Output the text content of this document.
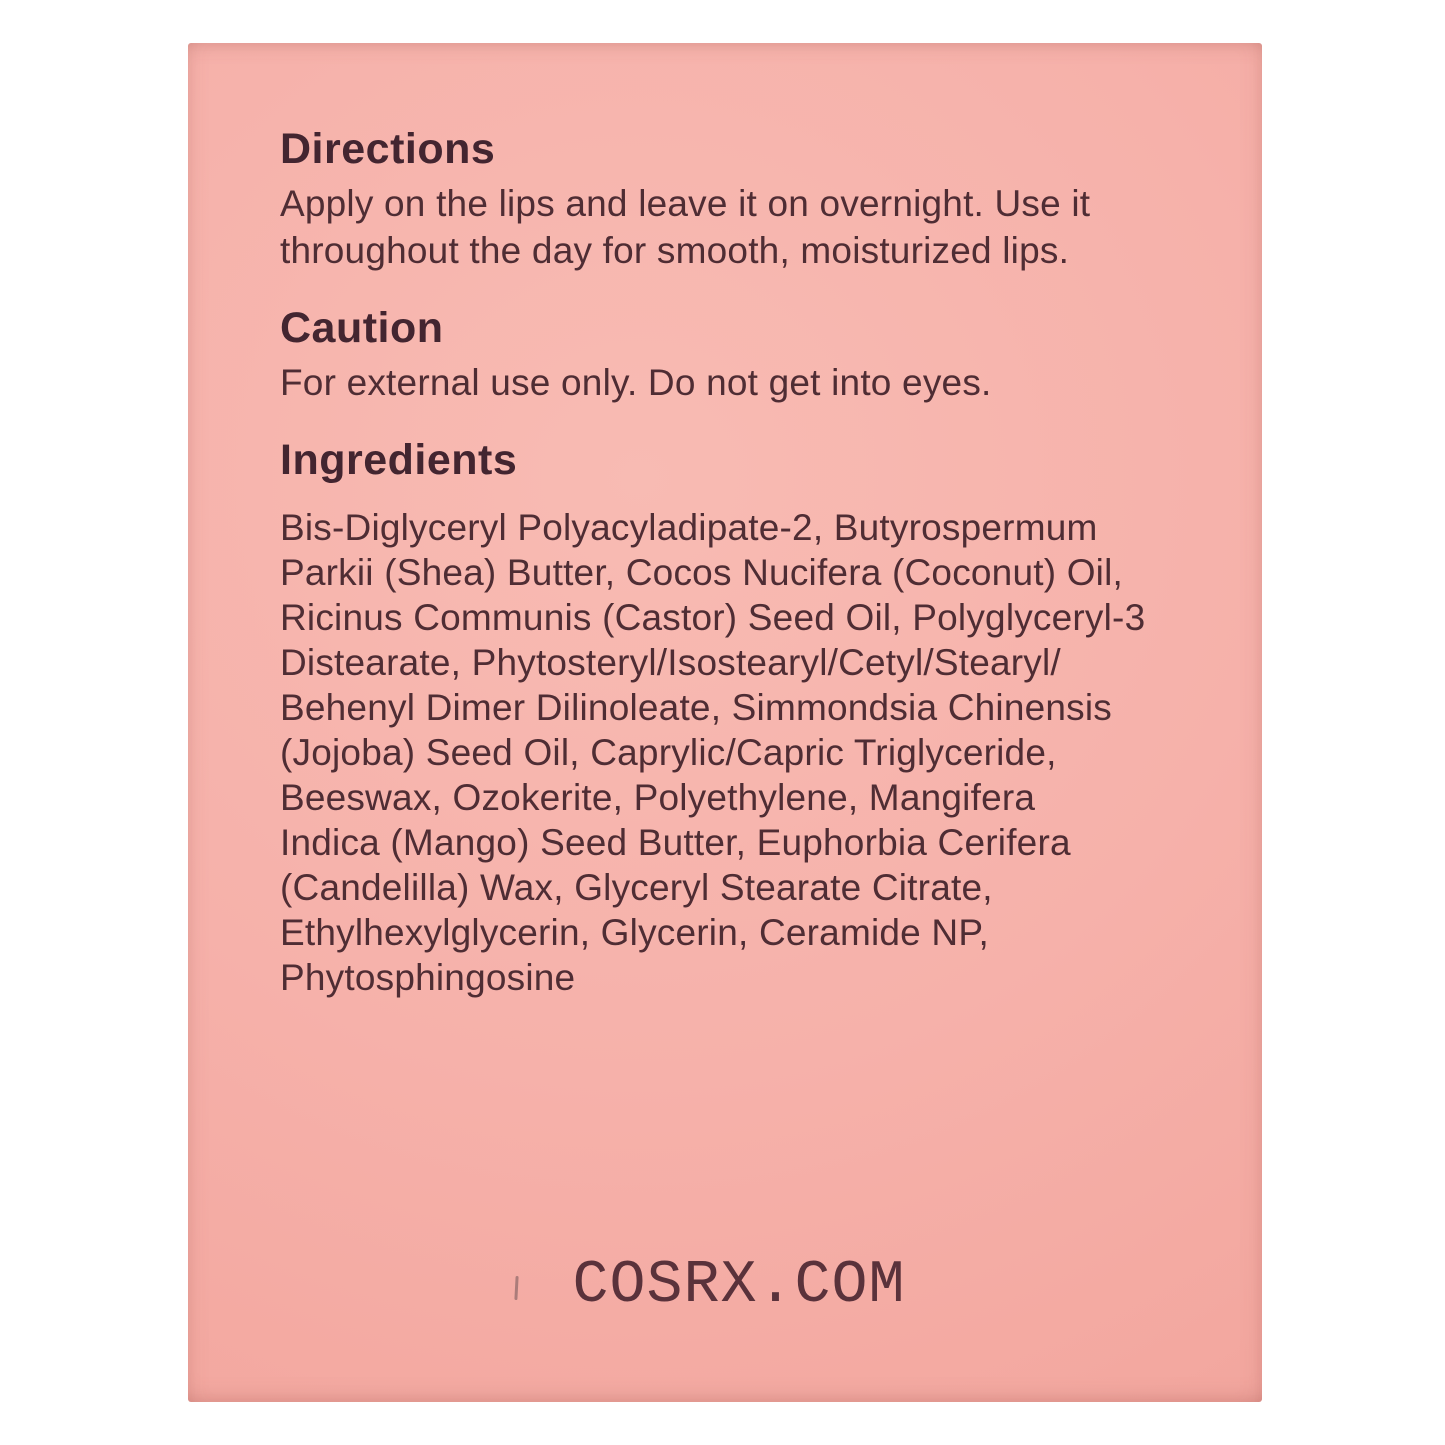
Directions
Apply on the lips and leave it on overnight. Use it
throughout the day for smooth, moisturized lips.
Caution
For external use only. Do not get into eyes.
Ingredients
Bis-Diglyceryl Polyacyladipate-2, Butyrospermum
Parkii (Shea) Butter, Cocos Nucifera (Coconut) Oil,
Ricinus Communis (Castor) Seed Oil, Polyglyceryl-3
Distearate, Phytosteryl/Isostearyl/Cetyl/Stearyl/
Behenyl Dimer Dilinoleate, Simmondsia Chinensis
(Jojoba) Seed Oil, Caprylic/Capric Triglyceride,
Beeswax, Ozokerite, Polyethylene, Mangifera
Indica (Mango) Seed Butter, Euphorbia Cerifera
(Candelilla) Wax, Glyceryl Stearate Citrate,
Ethylhexylglycerin, Glycerin, Ceramide NP,
Phytosphingosine
COSRX.COM
